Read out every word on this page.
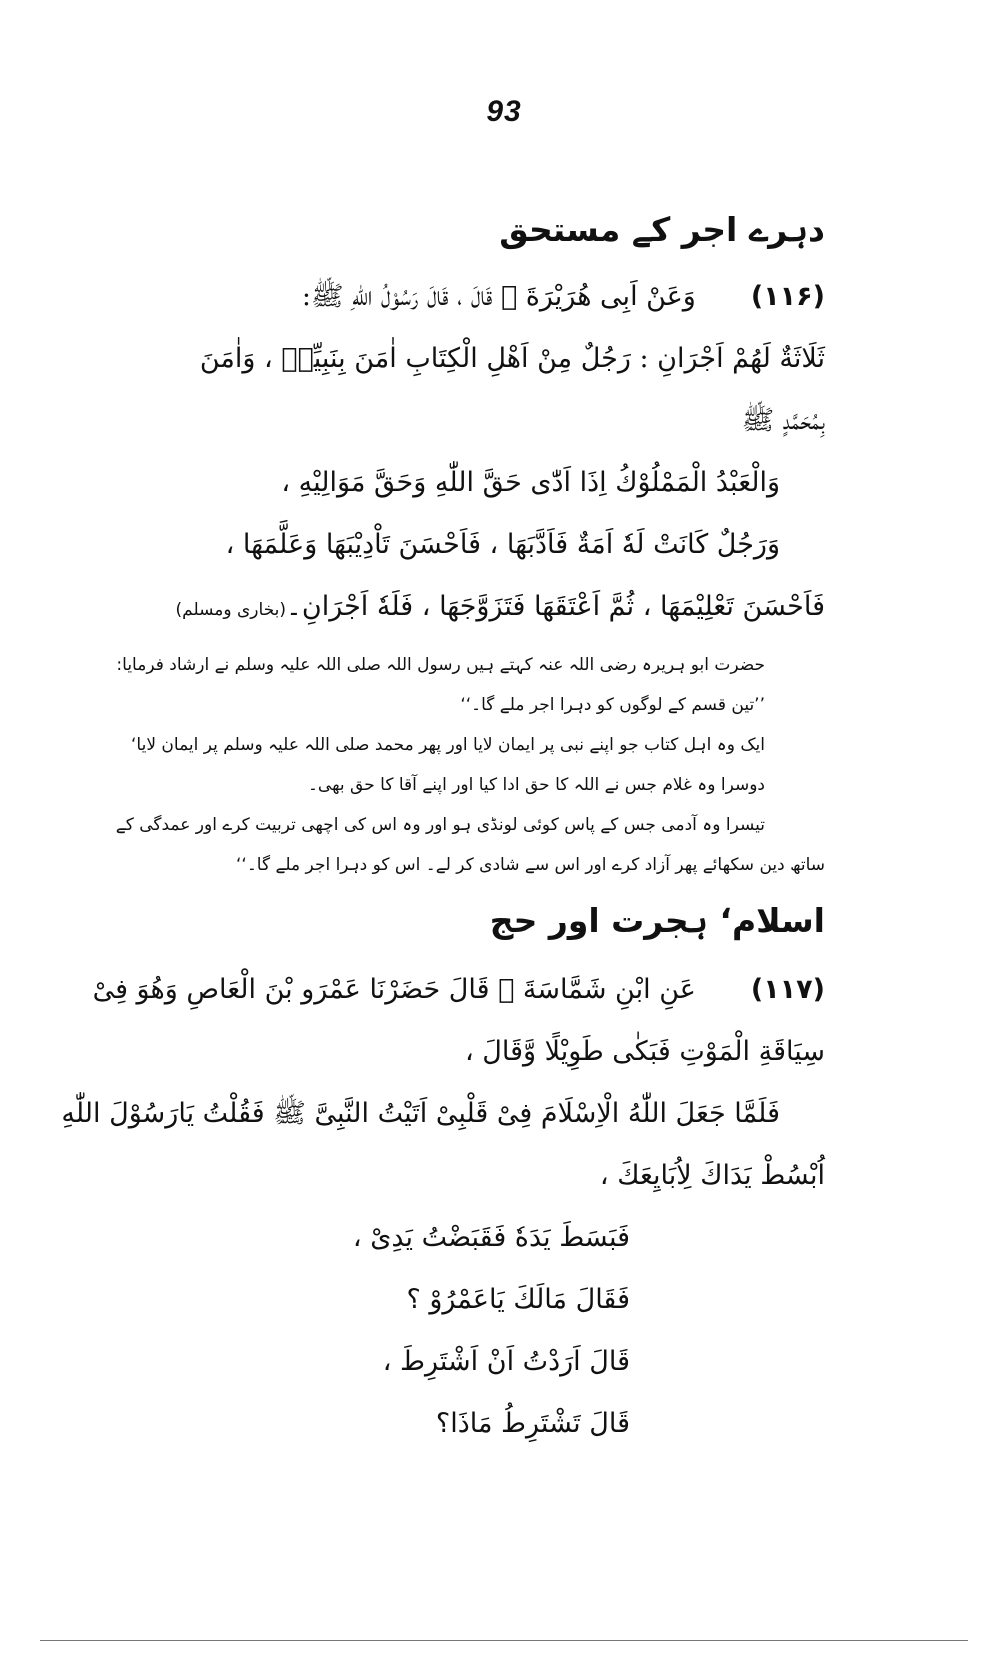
93
دہرے اجر کے مستحق
(۱۱۶)
وَعَنْ اَبِی هُرَیْرَةَ ﷛ قَالَ ، قَالَ رَسُوْلُ اللّٰهِ ﷺ:
ثَلَاثَةٌ لَهُمْ اَجْرَانِ : رَجُلٌ مِنْ اَهْلِ الْكِتَابِ اٰمَنَ بِنَبِیِّهٖ ، وَاٰمَنَ
بِمُحَمَّدٍ ﷺ
وَالْعَبْدُ الْمَمْلُوْكُ اِذَا اَدّٰی حَقَّ اللّٰهِ وَحَقَّ مَوَالِیْهِ ،
وَرَجُلٌ كَانَتْ لَهٗ اَمَةٌ فَاَدَّبَهَا ، فَاَحْسَنَ تَاْدِیْبَهَا وَعَلَّمَهَا ،
فَاَحْسَنَ تَعْلِیْمَهَا ، ثُمَّ اَعْتَقَهَا فَتَزَوَّجَهَا ، فَلَهٗ اَجْرَانِ۔
(بخاری ومسلم)

حضرت ابو ہریرہ رضی اللہ عنہ کہتے ہیں رسول اللہ صلی اللہ علیہ وسلم نے ارشاد فرمایا:

’’تین قسم کے لوگوں کو دہرا اجر ملے گا۔‘‘

ایک وہ اہل کتاب جو اپنے نبی پر ایمان لایا اور پھر محمد صلی اللہ علیہ وسلم پر ایمان لایا‘

دوسرا وہ غلام جس نے اللہ کا حق ادا کیا اور اپنے آقا کا حق بھی۔

تیسرا وہ آدمی جس کے پاس کوئی لونڈی ہو اور وہ اس کی اچھی تربیت کرے اور عمدگی کے

ساتھ دین سکھائے پھر آزاد کرے اور اس سے شادی کر لے۔ اس کو دہرا اجر ملے گا۔‘‘

اسلام‘ ہجرت اور حج
(۱۱۷)
عَنِ ابْنِ شَمَّاسَةَ ﷛ قَالَ حَضَرْنَا عَمْرَو بْنَ الْعَاصِ وَهُوَ فِیْ
سِیَاقَةِ الْمَوْتِ فَبَكٰی طَوِیْلًا وَّقَالَ ،
فَلَمَّا جَعَلَ اللّٰهُ الْاِسْلَامَ فِیْ قَلْبِیْ اَتَیْتُ النَّبِیَّ ﷺ فَقُلْتُ یَارَسُوْلَ اللّٰهِ
اُبْسُطْ یَدَاكَ لِاُبَایِعَكَ ،
فَبَسَطَ یَدَهٗ فَقَبَضْتُ یَدِیْ ،
فَقَالَ مَالَكَ یَاعَمْرُوْ ؟
قَالَ اَرَدْتُ اَنْ اَشْتَرِطَ ،
قَالَ تَشْتَرِطُ مَاذَا؟
